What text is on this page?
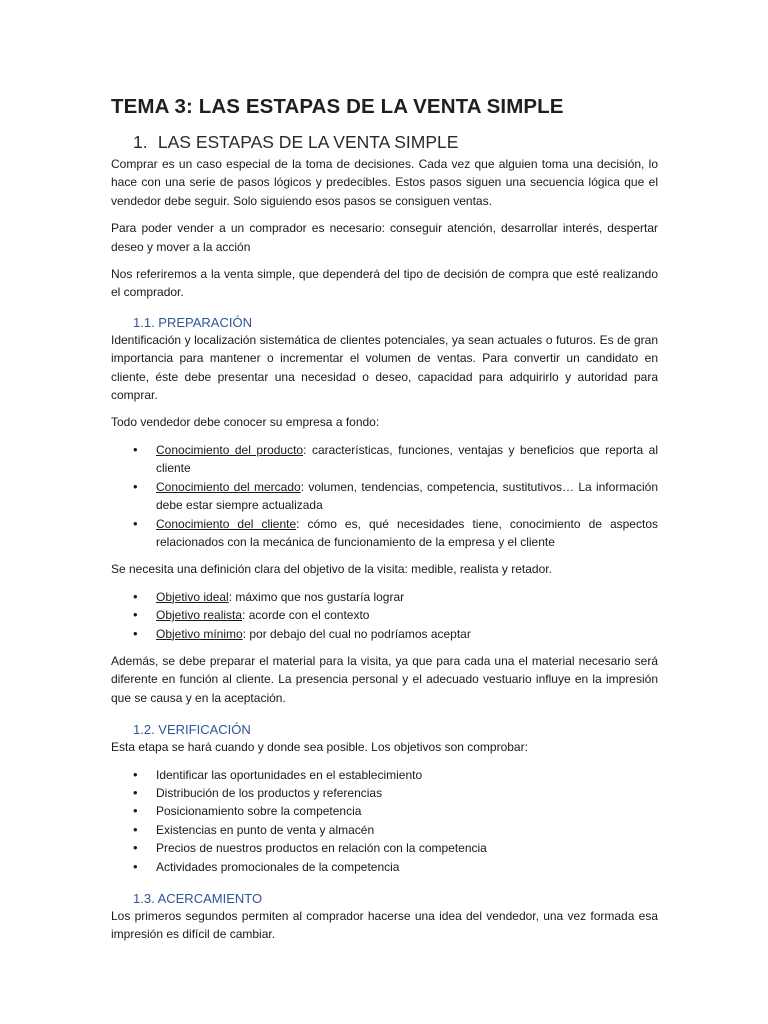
TEMA 3: LAS ESTAPAS DE LA VENTA SIMPLE
1. LAS ESTAPAS DE LA VENTA SIMPLE

Comprar es un caso especial de la toma de decisiones. Cada vez que alguien toma una decisión, lo hace con una serie de pasos lógicos y predecibles. Estos pasos siguen una secuencia lógica que el vendedor debe seguir. Solo siguiendo esos pasos se consiguen ventas.

Para poder vender a un comprador es necesario: conseguir atención, desarrollar interés, despertar deseo y mover a la acción

Nos referiremos a la venta simple, que dependerá del tipo de decisión de compra que esté realizando el comprador.

1.1. PREPARACIÓN

Identificación y localización sistemática de clientes potenciales, ya sean actuales o futuros. Es de gran importancia para mantener o incrementar el volumen de ventas. Para convertir un candidato en cliente, éste debe presentar una necesidad o deseo, capacidad para adquirirlo y autoridad para comprar.

Todo vendedor debe conocer su empresa a fondo:

•	Conocimiento del producto: características, funciones, ventajas y beneficios que reporta al cliente
•	Conocimiento del mercado: volumen, tendencias, competencia, sustitutivos… La información debe estar siempre actualizada
•	Conocimiento del cliente: cómo es, qué necesidades tiene, conocimiento de aspectos relacionados con la mecánica de funcionamiento de la empresa y el cliente

Se necesita una definición clara del objetivo de la visita: medible, realista y retador.

•	Objetivo ideal: máximo que nos gustaría lograr
•	Objetivo realista: acorde con el contexto
•	Objetivo mínimo: por debajo del cual no podríamos aceptar

Además, se debe preparar el material para la visita, ya que para cada una el material necesario será diferente en función al cliente. La presencia personal y el adecuado vestuario influye en la impresión que se causa y en la aceptación.

1.2. VERIFICACIÓN

Esta etapa se hará cuando y donde sea posible. Los objetivos son comprobar:

•	Identificar las oportunidades en el establecimiento
•	Distribución de los productos y referencias
•	Posicionamiento sobre la competencia
•	Existencias en punto de venta y almacén
•	Precios de nuestros productos en relación con la competencia
•	Actividades promocionales de la competencia
1.3. ACERCAMIENTO

Los primeros segundos permiten al comprador hacerse una idea del vendedor, una vez formada esa impresión es difícil de cambiar.
